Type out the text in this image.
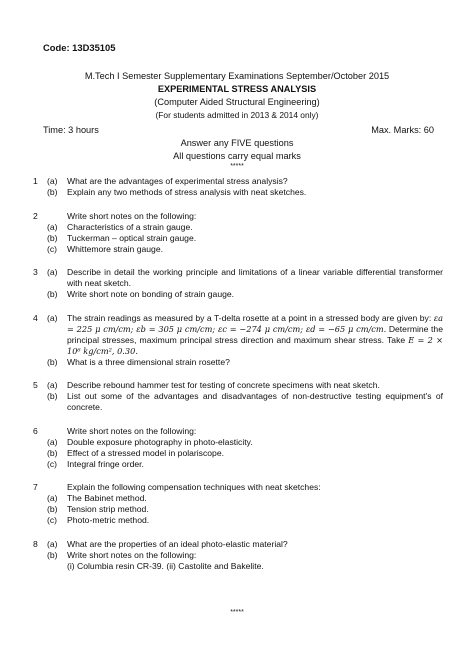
Code: 13D35105
M.Tech I Semester Supplementary Examinations September/October 2015
EXPERIMENTAL STRESS ANALYSIS
(Computer Aided Structural Engineering)
(For students admitted in 2013 & 2014 only)
Time: 3 hours	Max. Marks: 60
Answer any FIVE questions
All questions carry equal marks
*****
1	(a)	What are the advantages of experimental stress analysis?
(b)	Explain any two methods of stress analysis with neat sketches.
2	Write short notes on the following:
(a)	Characteristics of a strain gauge.
(b)	Tuckerman – optical strain gauge.
(c)	Whittemore strain gauge.
3	(a)	Describe in detail the working principle and limitations of a linear variable differential transformer with neat sketch.
(b)	Write short note on bonding of strain gauge.
4	(a)	The strain readings as measured by a T-delta rosette at a point in a stressed body are given by: εa = 225 μ cm/cm; εb = 305 μ cm/cm; εc = −274 μ cm/cm; εd = −65 μ cm/cm. Determine the principal stresses, maximum principal stress direction and maximum shear stress. Take E = 2 × 10⁶ kg/cm², 0.30.
(b)	What is a three dimensional strain rosette?
5	(a)	Describe rebound hammer test for testing of concrete specimens with neat sketch.
(b)	List out some of the advantages and disadvantages of non-destructive testing equipment's of concrete.
6	Write short notes on the following:
(a)	Double exposure photography in photo-elasticity.
(b)	Effect of a stressed model in polariscope.
(c)	Integral fringe order.
7	Explain the following compensation techniques with neat sketches:
(a)	The Babinet method.
(b)	Tension strip method.
(c)	Photo-metric method.
8	(a)	What are the properties of an ideal photo-elastic material?
(b)	Write short notes on the following:
(i) Columbia resin CR-39. (ii) Castolite and Bakelite.
*****
